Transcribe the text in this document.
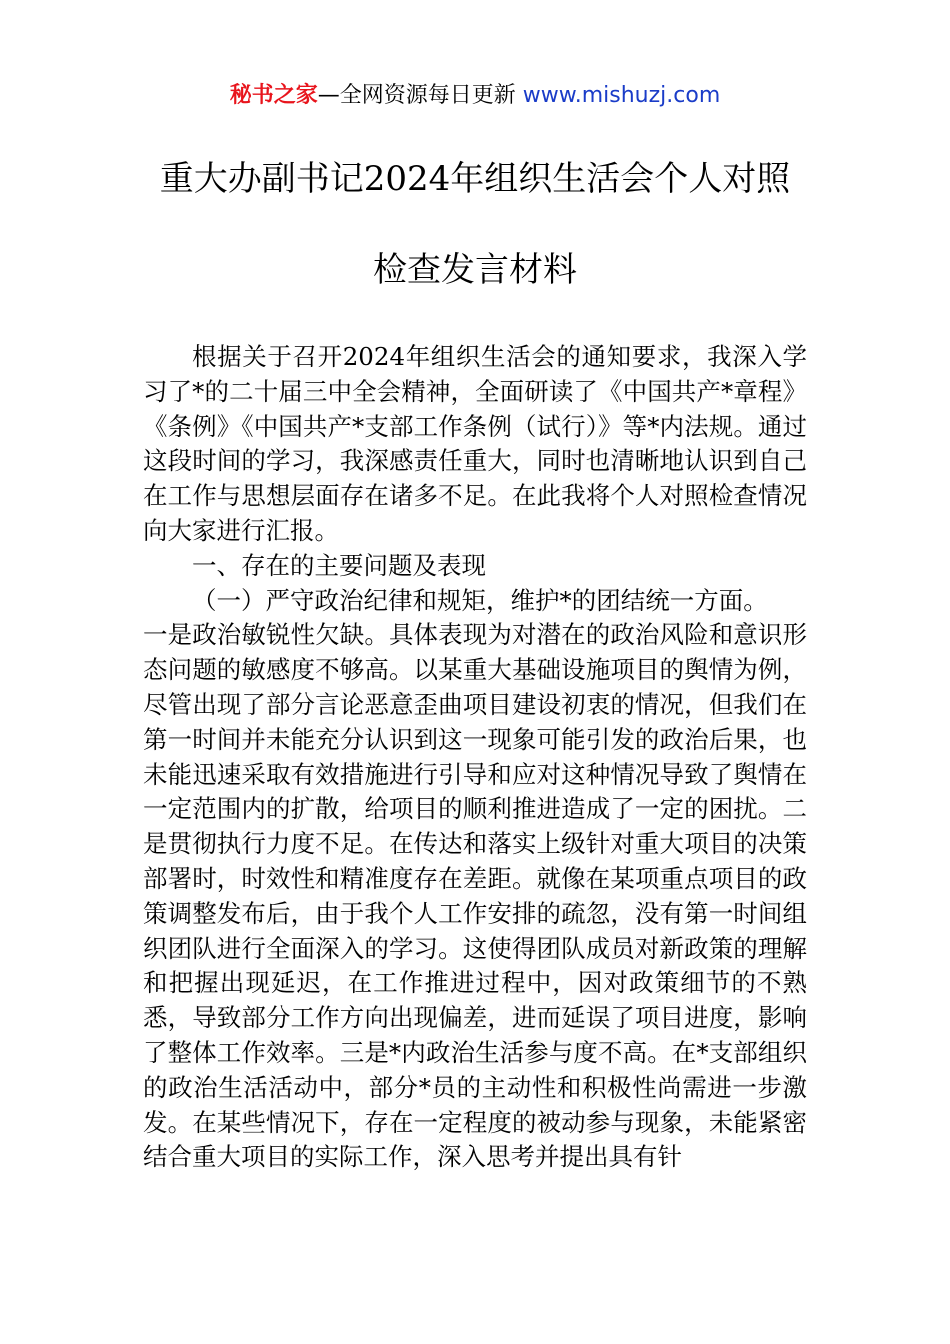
秘书之家—全网资源每日更新 www.mishuzj.com
重大办副书记2024年组织生活会个人对照
检查发言材料

根据关于召开2024年组织生活会的通知要求，我深入学习了*的二十届三中全会精神，全面研读了《中国共产*章程》《条例》《中国共产*支部工作条例（试行）》等*内法规。通过这段时间的学习，我深感责任重大，同时也清晰地认识到自己在工作与思想层面存在诸多不足。在此我将个人对照检查情况向大家进行汇报。

一、存在的主要问题及表现

（一）严守政治纪律和规矩，维护*的团结统一方面。

一是政治敏锐性欠缺。具体表现为对潜在的政治风险和意识形态问题的敏感度不够高。以某重大基础设施项目的舆情为例，尽管出现了部分言论恶意歪曲项目建设初衷的情况，但我们在第一时间并未能充分认识到这一现象可能引发的政治后果，也未能迅速采取有效措施进行引导和应对这种情况导致了舆情在一定范围内的扩散，给项目的顺利推进造成了一定的困扰。二是贯彻执行力度不足。在传达和落实上级针对重大项目的决策部署时，时效性和精准度存在差距。就像在某项重点项目的政策调整发布后，由于我个人工作安排的疏忽，没有第一时间组织团队进行全面深入的学习。这使得团队成员对新政策的理解和把握出现延迟，在工作推进过程中，因对政策细节的不熟悉，导致部分工作方向出现偏差，进而延误了项目进度，影响了整体工作效率。三是*内政治生活参与度不高。在*支部组织的政治生活活动中，部分*员的主动性和积极性尚需进一步激发。在某些情况下，存在一定程度的被动参与现象，未能紧密结合重大项目的实际工作，深入思考并提出具有针
